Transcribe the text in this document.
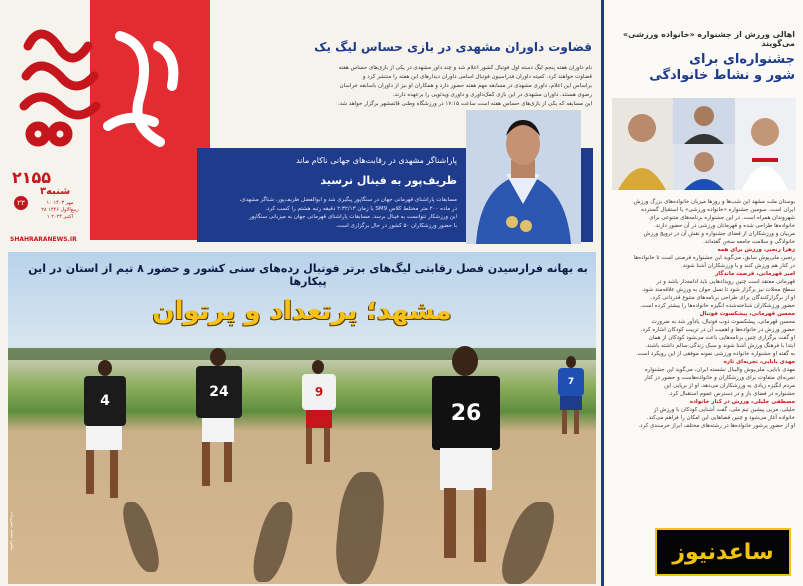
۲۱۵۵
۳شنبه
۱۰ مهر ۱۴۰۳
۲۸ ربیع‌الاول ۱۴۴۶
۱ اکتبر ۲۰۲۴
۲۳
SHAHRARANEWS.IR
قضاوت داوران مشهدی در بازی حساس لیگ یک
نام داوران هفته پنجم لیگ دسته اول فوتبال کشور اعلام شد و چند داور مشهدی در یکی از بازی‌های حساس هفته
قضاوت خواهند کرد. کمیته داوران فدراسیون فوتبال اسامی داوران دیدارهای این هفته را منتشر کرد و
براساس این اعلام، داوری مشهدی در مسابقه مهم هفته حضور دارد و همکاران او نیز از داوران باسابقه خراسان
رضوی هستند. داوران مشهدی در این بازی کمک‌داوری و داوری ویدئویی را برعهده دارند.
این مسابقه که یکی از بازی‌های حساس هفته است ساعت ۱۷:۱۵ در ورزشگاه وطنی قائمشهر برگزار خواهد شد.
پاراشناگر مشهدی در رقابت‌های جهانی ناکام ماند
ظریف‌پور به فینال نرسید
مسابقات پاراشنای قهرمانی جهان در سنگاپور پیگیری شد و ابوالفضل ظریف‌پور، شناگر مشهدی،
در ماده ۲۰۰ متر مختلط کلاس SM9 با زمان ۲:۳۲/۱۳ دقیقه رتبه هشتم را کسب کرد.
این ورزشکار نتوانست به فینال برسد. مسابقات پاراشنای قهرمانی جهان به میزبانی سنگاپور
با حضور ورزشکاران ۵۰ کشور در حال برگزاری است.
به بهانه فرارسیدن فصل رقابتی لیگ‌های برتر فوتبال رده‌های سنی کشور و حضور ۸ تیم از استان در این پیکارها
مشهد؛ پرتعداد و پرتوان
26
24	9
4
7
عکس: محمد حسن‌زاده
اهالی ورزش از جشنواره «خانواده ورزشی» می‌گویند
جشنواره‌ای برای
شور و نشاط خانوادگی
بوستان ملت مشهد این شب‌ها و روزها میزبان خانواده‌های بزرگ ورزش
ایران است. سومین جشنواره «خانواده ورزشی» با استقبال گسترده
شهروندان همراه است. در این جشنواره برنامه‌های متنوعی برای
خانواده‌ها طراحی شده و قهرمانان ورزشی در آن حضور دارند.
مربیان و ورزشکاران از فضای جشنواره و نقش آن در ترویج ورزش
خانوادگی و سلامت جامعه سخن گفته‌اند.
زهرا رنجبر، ورزش برای همه
رنجبر، ملی‌پوش سابق، می‌گوید این جشنواره فرصتی است تا خانواده‌ها
در کنار هم ورزش کنند و با ورزشکاران آشنا شوند.
امیر قهرمانی، فرصت ماندگار
قهرمانی معتقد است چنین رویدادهایی باید ادامه‌دار باشد و در
سطح محلات نیز برگزار شود تا نسل جوان به ورزش علاقه‌مند شود.
او از برگزارکنندگان برای طراحی برنامه‌های متنوع قدردانی کرد.
حضور ورزشکاران شناخته‌شده انگیزه خانواده‌ها را بیشتر کرده است.
محسن قهرمانی، پیشکسوت فوتبال
محسن قهرمانی، پیشکسوت ذوب فوتبال، یادآور شد به ضرورت
حضور ورزش در خانواده‌ها و اهمیت آن در تربیت کودکان اشاره کرد.
او گفت برگزاری چنین برنامه‌هایی باعث می‌شود کودکان از همان
ابتدا با فرهنگ ورزش آشنا شوند و سبک زندگی سالم داشته باشند.
به گفته او جشنواره خانواده ورزشی نمونه موفقی از این رویکرد است.
مهدی بابایی، تجربه‌ای تازه
مهدی بابایی، ملی‌پوش والیبال نشسته ایران، می‌گوید این جشنواره
تجربه‌ای متفاوت برای ورزشکاران و خانواده‌هاست و حضور در کنار
مردم انگیزه زیادی به ورزشکاران می‌دهد. او از برپایی این
جشنواره در فضای باز و در دسترس عموم استقبال کرد.
مصطفی جلیلی، ورزش در کنار خانواده
جلیلی، مربی پیشین تیم ملی، گفت آشنایی کودکان با ورزش از
خانواده آغاز می‌شود و چنین فضاهایی این امکان را فراهم می‌کند.
او از حضور پرشور خانواده‌ها در رشته‌های مختلف ابراز خرسندی کرد.
ساعدنیوز
